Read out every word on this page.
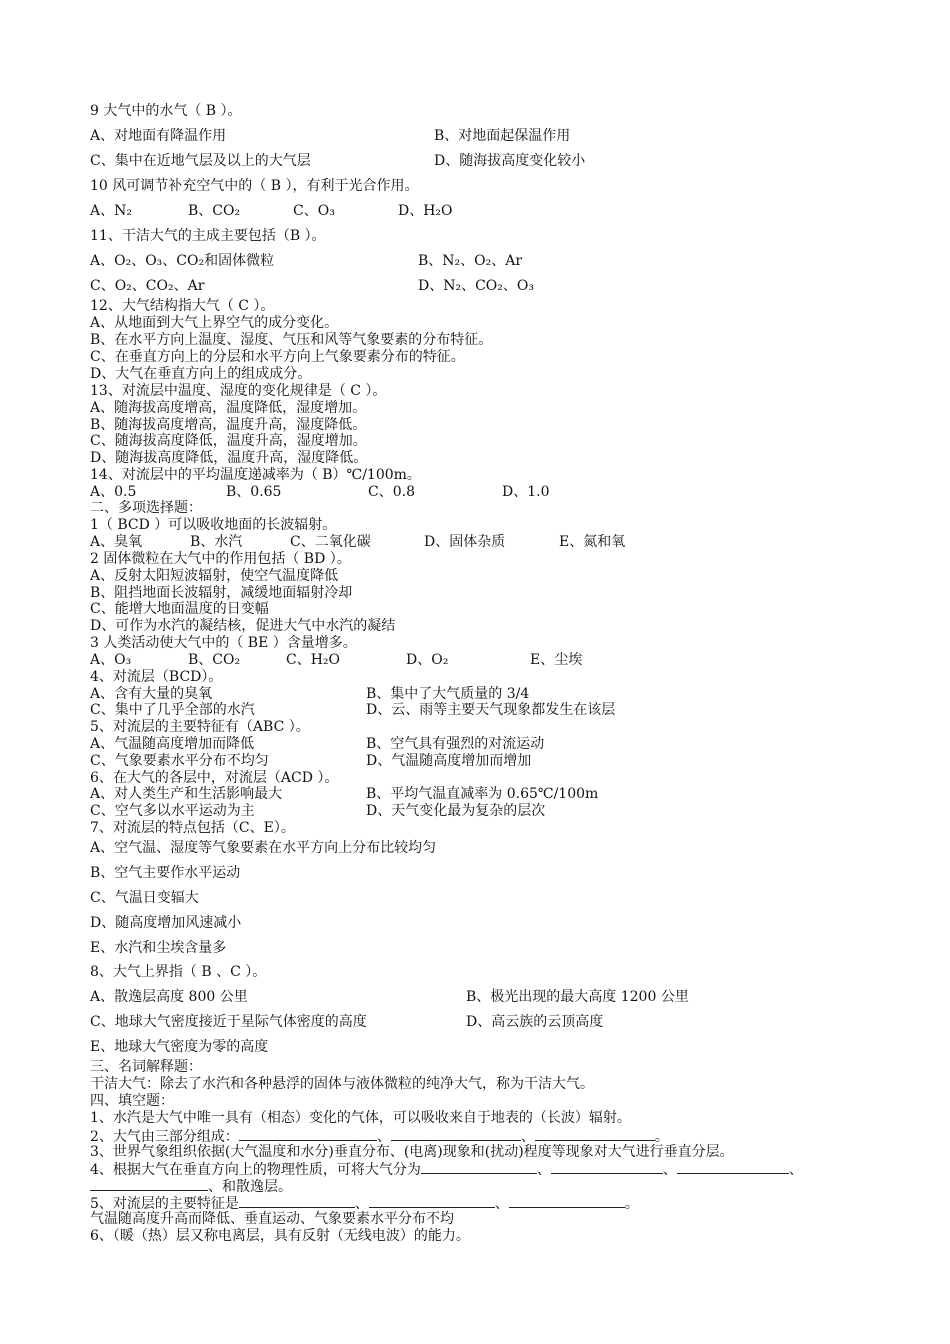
9 大气中的水气（ B ）。
A、对地面有降温作用	B、对地面起保温作用
C、集中在近地气层及以上的大气层	D、随海拔高度变化较小
10 风可调节补充空气中的（ B ），有利于光合作用。
A、N₂	B、CO₂	C、O₃	D、H₂O
11、干洁大气的主成主要包括（B ）。
A、O₂、O₃、CO₂和固体微粒	B、N₂、O₂、Ar
C、O₂、CO₂、Ar	D、N₂、CO₂、O₃
12、大气结构指大气（ C ）。
A、从地面到大气上界空气的成分变化。
B、在水平方向上温度、湿度、气压和风等气象要素的分布特征。
C、在垂直方向上的分层和水平方向上气象要素分布的特征。
D、大气在垂直方向上的组成成分。
13、对流层中温度、湿度的变化规律是（ C ）。
A、随海拔高度增高，温度降低，湿度增加。
B、随海拔高度增高，温度升高，湿度降低。
C、随海拔高度降低，温度升高，湿度增加。
D、随海拔高度降低，温度升高，湿度降低。
14、对流层中的平均温度递减率为（ B）℃/100m。
A、0.5	B、0.65	C、0.8	D、1.0
二、多项选择题：
1（ BCD ）可以吸收地面的长波辐射。
A、臭氧	B、水汽	C、二氧化碳	D、固体杂质	E、氮和氧
2 固体微粒在大气中的作用包括（ BD ）。
A、反射太阳短波辐射，使空气温度降低
B、阻挡地面长波辐射，减缓地面辐射冷却
C、能增大地面温度的日变幅
D、可作为水汽的凝结核，促进大气中水汽的凝结
3 人类活动使大气中的（ BE ）含量增多。
A、O₃	B、CO₂	C、H₂O	D、O₂	E、尘埃
4、对流层（BCD）。
A、含有大量的臭氧	B、集中了大气质量的 3/4
C、集中了几乎全部的水汽	D、云、雨等主要天气现象都发生在该层
5、对流层的主要特征有（ABC ）。
A、气温随高度增加而降低	B、空气具有强烈的对流运动
C、气象要素水平分布不均匀	D、气温随高度增加而增加
6、在大气的各层中，对流层（ACD ）。
A、对人类生产和生活影响最大	B、平均气温直减率为 0.65℃/100m
C、空气多以水平运动为主	D、天气变化最为复杂的层次
7、对流层的特点包括（C、E）。
A、空气温、湿度等气象要素在水平方向上分布比较均匀
B、空气主要作水平运动
C、气温日变辐大
D、随高度增加风速减小
E、水汽和尘埃含量多
8、大气上界指（ B 、C ）。
A、散逸层高度 800 公里	B、极光出现的最大高度 1200 公里
C、地球大气密度接近于星际气体密度的高度	D、高云族的云顶高度
E、地球大气密度为零的高度
三、名词解释题：
干洁大气：除去了水汽和各种悬浮的固体与液体微粒的纯净大气，称为干洁大气。
四、填空题：
1、水汽是大气中唯一具有（相态）变化的气体，可以吸收来自于地表的（长波）辐射。
2、大气由三部分组成：	、	、	。
3、世界气象组织依据(大气温度和水分)垂直分布、(电离)现象和(扰动)程度等现象对大气进行垂直分层。
4、根据大气在垂直方向上的物理性质，可将大气分为	、	、	、
、和散逸层。
5、对流层的主要特征是	、	、	。
气温随高度升高而降低、垂直运动、气象要素水平分布不均
6、（暖（热）层又称电离层，具有反射（无线电波）的能力。
